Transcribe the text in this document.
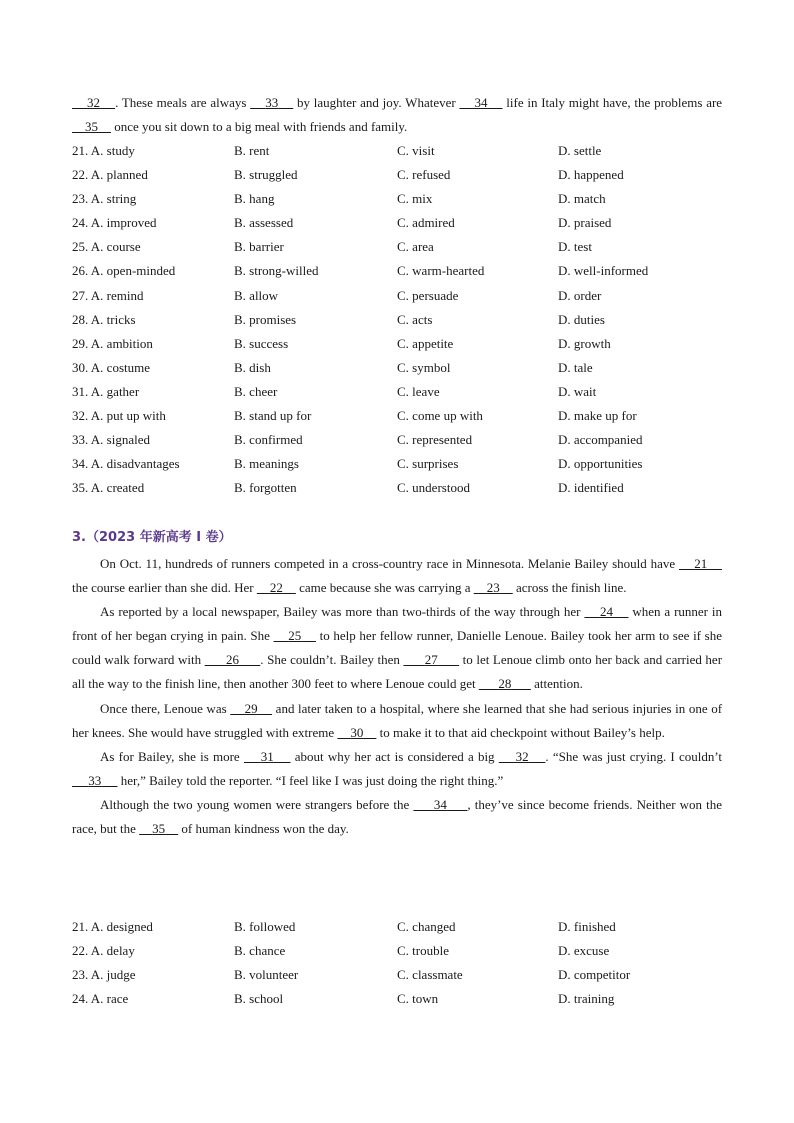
32 . These meals are always     33     by laughter and joy. Whatever     34     life in Italy might have, the problems are     35     once you sit down to a big meal with friends and family.
21. A. study	B. rent	C. visit	D. settle
22. A. planned	B. struggled	C. refused	D. happened
23. A. string	B. hang	C. mix	D. match
24. A. improved	B. assessed	C. admired	D. praised
25. A. course	B. barrier	C. area	D. test
26. A. open-minded	B. strong-willed	C. warm-hearted	D. well-informed
27. A. remind	B. allow	C. persuade	D. order
28. A. tricks	B. promises	C. acts	D. duties
29. A. ambition	B. success	C. appetite	D. growth
30. A. costume	B. dish	C. symbol	D. tale
31. A. gather	B. cheer	C. leave	D. wait
32. A. put up with	B. stand up for	C. come up with	D. make up for
33. A. signaled	B. confirmed	C. represented	D. accompanied
34. A. disadvantages	B. meanings	C. surprises	D. opportunities
35. A. created	B. forgotten	C. understood	D. identified
3.（2023 年新高考 I 卷）
On Oct. 11, hundreds of runners competed in a cross-country race in Minnesota. Melanie Bailey should have     21     the course earlier than she did. Her     22     came because she was carrying a     23     across the finish line.
As reported by a local newspaper, Bailey was more than two-thirds of the way through her     24     when a runner in front of her began crying in pain. She     25     to help her fellow runner, Danielle Lenoue. Bailey took her arm to see if she could walk forward with       26 . She couldn’t. Bailey then       27       to let Lenoue climb onto her back and carried her all the way to the finish line, then another 300 feet to where Lenoue could get       28       attention.
Once there, Lenoue was     29     and later taken to a hospital, where she learned that she had serious injuries in one of her knees. She would have struggled with extreme     30     to make it to that aid checkpoint without Bailey’s help.
As for Bailey, she is more     31     about why her act is considered a big     32 . “She was just crying. I couldn’t      33      her,” Bailey told the reporter. “I feel like I was just doing the right thing.”
Although the two young women were strangers before the      34 , they’ve since become friends. Neither won the race, but the     35     of human kindness won the day.
21. A. designed	B. followed	C. changed	D. finished
22. A. delay	B. chance	C. trouble	D. excuse
23. A. judge	B. volunteer	C. classmate	D. competitor
24. A. race	B. school	C. town	D. training
